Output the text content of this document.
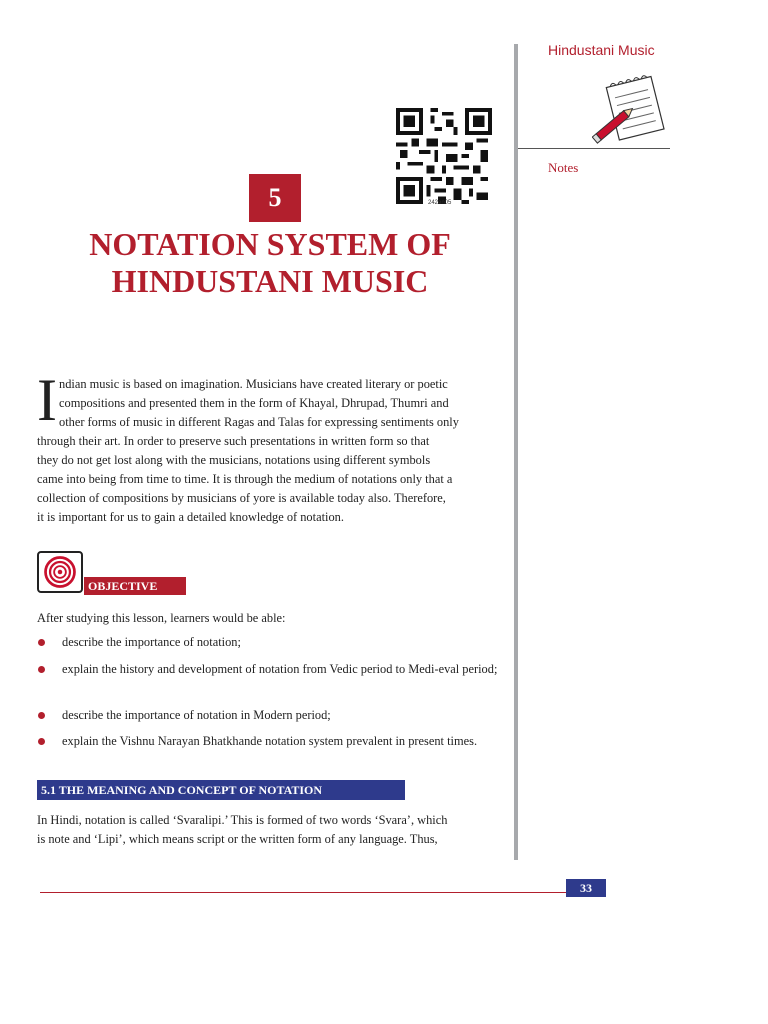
Hindustani Music
Notes
242en05
5
NOTATION SYSTEM OF
HINDUSTANI MUSIC
I ndian music is based on imagination. Musicians have created literary or poetic
compositions and presented them in the form of Khayal, Dhrupad, Thumri and
other forms of music in different Ragas and Talas for expressing sentiments only
through their art. In order to preserve such presentations in written form so that
they do not get lost along with the musicians, notations using different symbols
came into being from time to time. It is through the medium of notations only that a
collection of compositions by musicians of yore is available today also. Therefore,
it is important for us to gain a detailed knowledge of notation.
OBJECTIVE
After studying this lesson, learners would be able:
describe the importance of notation;
explain the history and development of notation from Vedic period to Medi-eval period;
describe the importance of notation in Modern period;
explain the Vishnu Narayan Bhatkhande notation system prevalent in present times.
5.1 THE MEANING AND CONCEPT OF NOTATION
In Hindi, notation is called ‘Svaralipi.’ This is formed of two words ‘Svara’, which
is note and ‘Lipi’, which means script or the written form of any language. Thus,
33
